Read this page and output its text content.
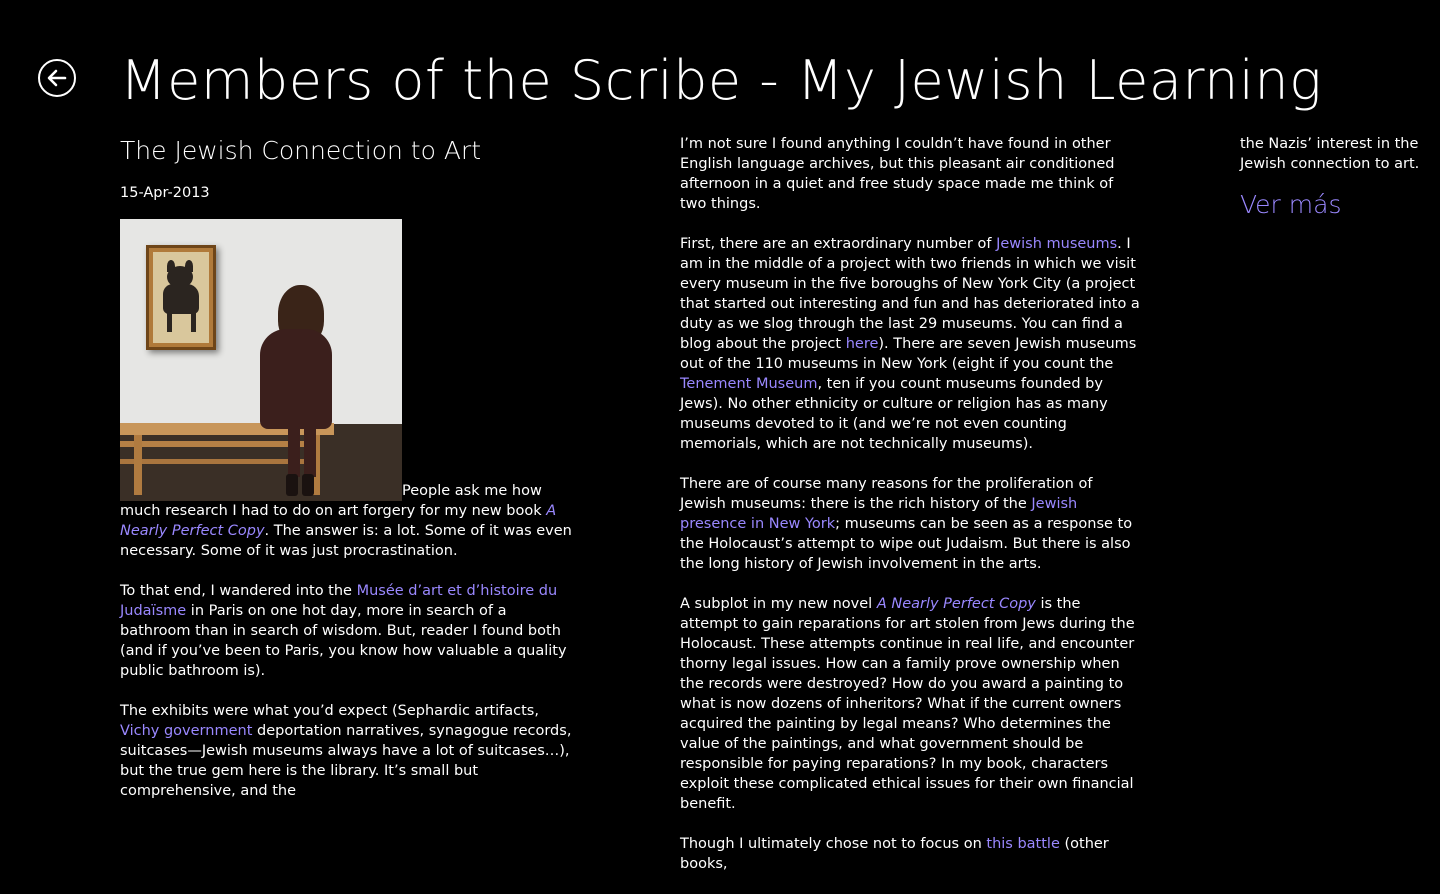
Members of the Scribe - My Jewish Learning
The Jewish Connection to Art
15-Apr-2013

People ask me how much research I had to do on art forgery for my new book A Nearly Perfect Copy. The answer is: a lot. Some of it was even necessary. Some of it was just procrastination.

To that end, I wandered into the Musée d’art et d’histoire du Judaïsme in Paris on one hot day, more in search of a bathroom than in search of wisdom. But, reader I found both (and if you’ve been to Paris, you know how valuable a quality public bathroom is).

The exhibits were what you’d expect (Sephardic artifacts, Vichy government deportation narratives, synagogue records, suitcases—Jewish museums always have a lot of suitcases…), but the true gem here is the library. It’s small but comprehensive, and the

I’m not sure I found anything I couldn’t have found in other English language archives, but this pleasant air conditioned afternoon in a quiet and free study space made me think of two things.

First, there are an extraordinary number of Jewish museums. I am in the middle of a project with two friends in which we visit every museum in the five boroughs of New York City (a project that started out interesting and fun and has deteriorated into a duty as we slog through the last 29 museums. You can find a blog about the project here). There are seven Jewish museums out of the 110 museums in New York (eight if you count the Tenement Museum, ten if you count museums founded by Jews). No other ethnicity or culture or religion has as many museums devoted to it (and we’re not even counting memorials, which are not technically museums).

There are of course many reasons for the proliferation of Jewish museums: there is the rich history of the Jewish presence in New York; museums can be seen as a response to the Holocaust’s attempt to wipe out Judaism. But there is also the long history of Jewish involvement in the arts.

A subplot in my new novel A Nearly Perfect Copy is the attempt to gain reparations for art stolen from Jews during the Holocaust. These attempts continue in real life, and encounter thorny legal issues. How can a family prove ownership when the records were destroyed? How do you award a painting to what is now dozens of inheritors? What if the current owners acquired the painting by legal means? Who determines the value of the paintings, and what government should be responsible for paying reparations? In my book, characters exploit these complicated ethical issues for their own financial benefit.

Though I ultimately chose not to focus on this battle (other books,

the Nazis’ interest in the Jewish connection to art.
Ver más
